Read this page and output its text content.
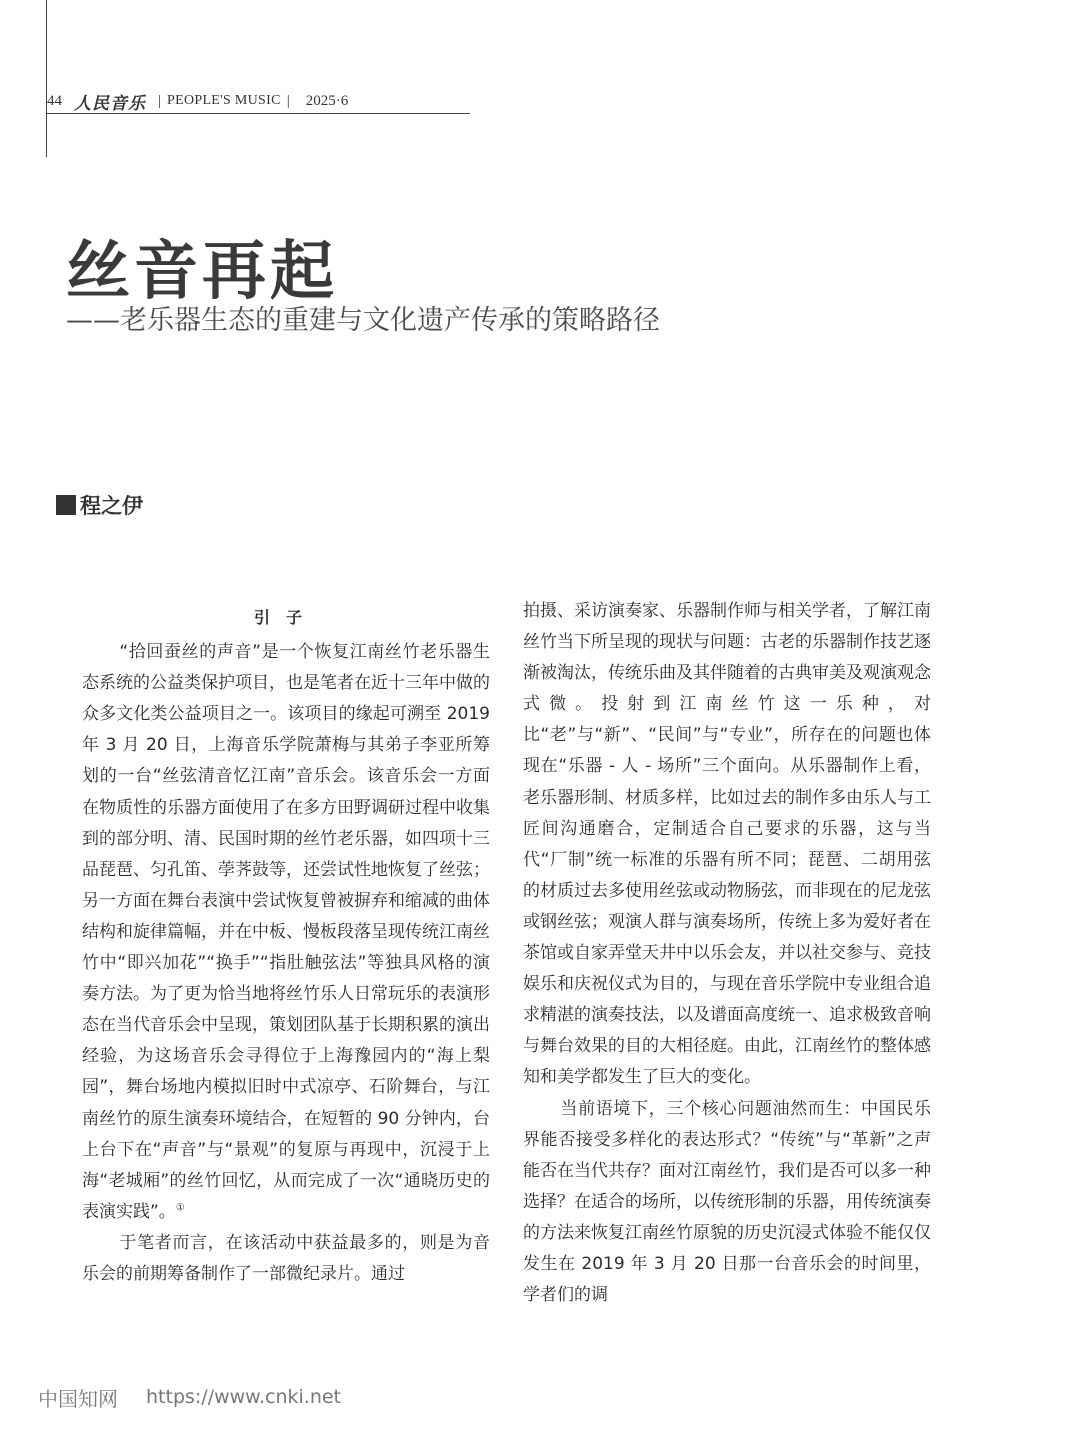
44 人民音乐 | PEOPLE'S MUSIC | 2025·6
丝音再起
——老乐器生态的重建与文化遗产传承的策略路径
程之伊
引子

“拾回蚕丝的声音”是一个恢复江南丝竹老乐器生态系统的公益类保护项目，也是笔者在近十三年中做的众多文化类公益项目之一。该项目的缘起可溯至 2019 年 3 月 20 日，上海音乐学院萧梅与其弟子李亚所筹划的一台“丝弦清音忆江南”音乐会。该音乐会一方面在物质性的乐器方面使用了在多方田野调研过程中收集到的部分明、清、民国时期的丝竹老乐器，如四项十三品琵琶、匀孔笛、荸荠鼓等，还尝试性地恢复了丝弦；另一方面在舞台表演中尝试恢复曾被摒弃和缩减的曲体结构和旋律篇幅，并在中板、慢板段落呈现传统江南丝竹中“即兴加花”“换手”“指肚触弦法”等独具风格的演奏方法。为了更为恰当地将丝竹乐人日常玩乐的表演形态在当代音乐会中呈现，策划团队基于长期积累的演出经验，为这场音乐会寻得位于上海豫园内的“海上梨园”，舞台场地内模拟旧时中式凉亭、石阶舞台，与江南丝竹的原生演奏环境结合，在短暂的 90 分钟内，台上台下在“声音”与“景观”的复原与再现中，沉浸于上海“老城厢”的丝竹回忆，从而完成了一次“通晓历史的表演实践”。①

于笔者而言，在该活动中获益最多的，则是为音乐会的前期筹备制作了一部微纪录片。通过

拍摄、采访演奏家、乐器制作师与相关学者，了解江南丝竹当下所呈现的现状与问题：古老的乐器制作技艺逐渐被淘汰，传统乐曲及其伴随着的古典审美及观演观念式微。投射到江南丝竹这一乐种，对比“老”与“新”、“民间”与“专业”，所存在的问题也体现在“乐器 - 人 - 场所”三个面向。从乐器制作上看，老乐器形制、材质多样，比如过去的制作多由乐人与工匠间沟通磨合，定制适合自己要求的乐器，这与当代“厂制”统一标准的乐器有所不同；琵琶、二胡用弦的材质过去多使用丝弦或动物肠弦，而非现在的尼龙弦或钢丝弦；观演人群与演奏场所，传统上多为爱好者在茶馆或自家弄堂天井中以乐会友，并以社交参与、竞技娱乐和庆祝仪式为目的，与现在音乐学院中专业组合追求精湛的演奏技法，以及谱面高度统一、追求极致音响与舞台效果的目的大相径庭。由此，江南丝竹的整体感知和美学都发生了巨大的变化。

当前语境下，三个核心问题油然而生：中国民乐界能否接受多样化的表达形式？“传统”与“革新”之声能否在当代共存？面对江南丝竹，我们是否可以多一种选择？在适合的场所，以传统形制的乐器，用传统演奏的方法来恢复江南丝竹原貌的历史沉浸式体验不能仅仅发生在 2019 年 3 月 20 日那一台音乐会的时间里，学者们的调

中国知网 https://www.cnki.net
